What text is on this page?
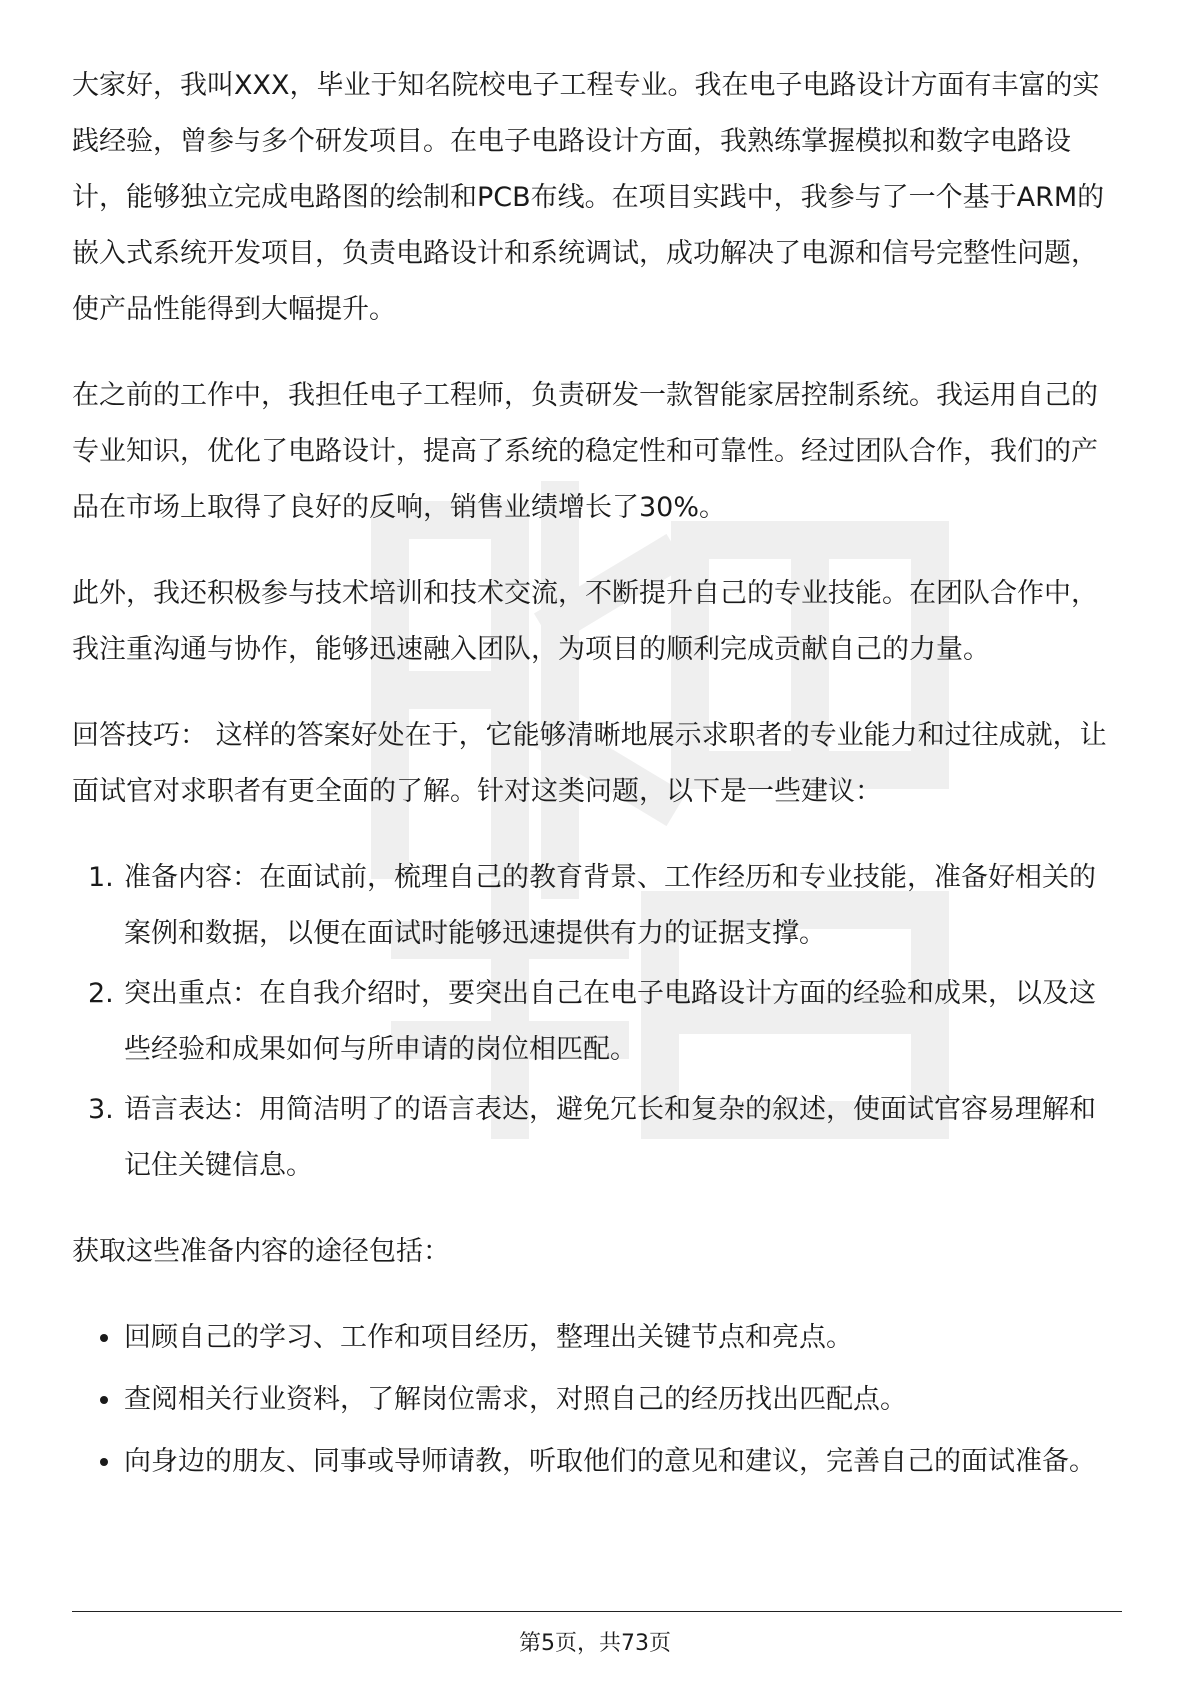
大家好，我叫XXX，毕业于知名院校电子工程专业。我在电子电路设计方面有丰富的实践经验，曾参与多个研发项目。在电子电路设计方面，我熟练掌握模拟和数字电路设计，能够独立完成电路图的绘制和PCB布线。在项目实践中，我参与了一个基于ARM的嵌入式系统开发项目，负责电路设计和系统调试，成功解决了电源和信号完整性问题，使产品性能得到大幅提升。

在之前的工作中，我担任电子工程师，负责研发一款智能家居控制系统。我运用自己的专业知识，优化了电路设计，提高了系统的稳定性和可靠性。经过团队合作，我们的产品在市场上取得了良好的反响，销售业绩增长了30%。

此外，我还积极参与技术培训和技术交流，不断提升自己的专业技能。在团队合作中，我注重沟通与协作，能够迅速融入团队，为项目的顺利完成贡献自己的力量。

回答技巧： 这样的答案好处在于，它能够清晰地展示求职者的专业能力和过往成就，让面试官对求职者有更全面的了解。针对这类问题，以下是一些建议：

1. 准备内容：在面试前，梳理自己的教育背景、工作经历和专业技能，准备好相关的案例和数据，以便在面试时能够迅速提供有力的证据支撑。
2. 突出重点：在自我介绍时，要突出自己在电子电路设计方面的经验和成果，以及这些经验和成果如何与所申请的岗位相匹配。
3. 语言表达：用简洁明了的语言表达，避免冗长和复杂的叙述，使面试官容易理解和记住关键信息。

获取这些准备内容的途径包括：

回顾自己的学习、工作和项目经历，整理出关键节点和亮点。
查阅相关行业资料，了解岗位需求，对照自己的经历找出匹配点。
向身边的朋友、同事或导师请教，听取他们的意见和建议，完善自己的面试准备。
第5页，共73页
